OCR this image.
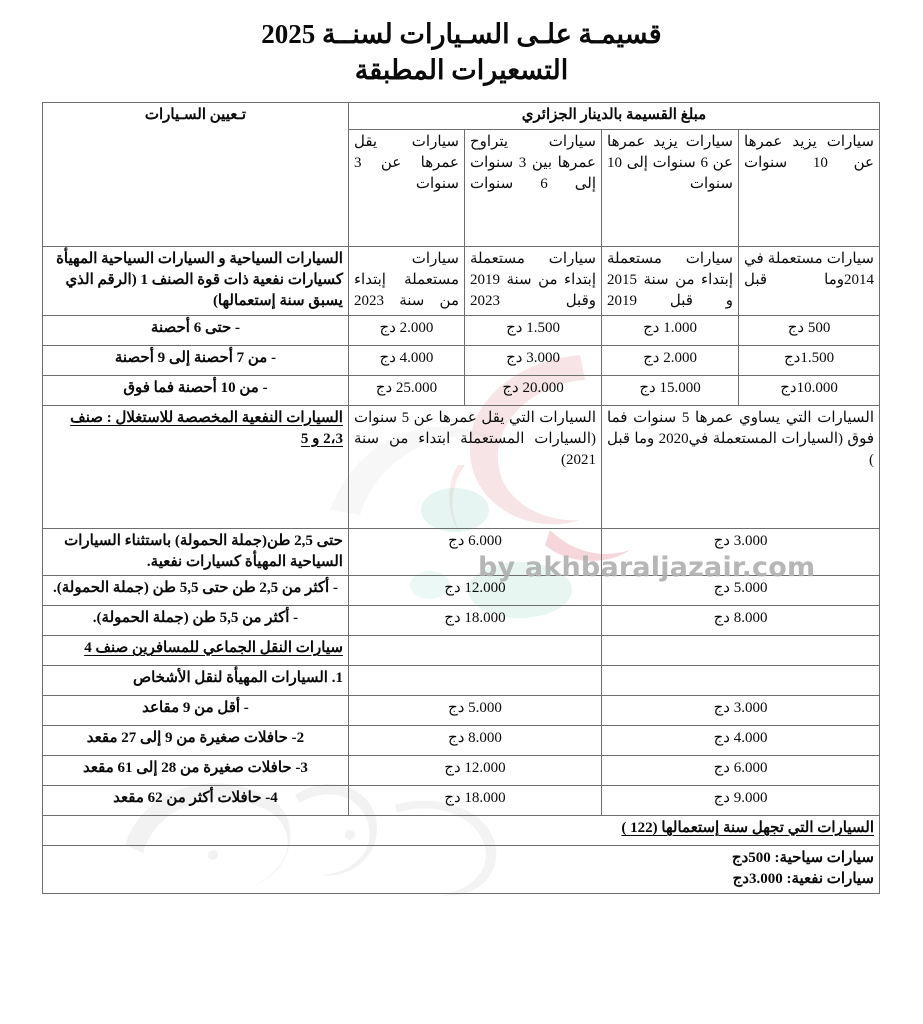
by akhbaraljazair.com
قسيمـة علـى السـيارات لسنــة 2025
التسعيرات المطبقة
مبلغ القسيمة بالدينار الجزائري				تـعيين السـيارات
سيارات يزيد عمرها عن 10 سنوات	سيارات يزيد عمرها عن 6 سنوات إلى 10 سنوات	سيارات يتراوح عمرها بين 3 سنوات إلى 6 سنوات	سيارات يقل عمرها عن 3 سنوات	
سيارات مستعملة في 2014وما قبل	سيارات مستعملة إبتداء من سنة 2015 و قبل 2019	سيارات مستعملة إبتداء من سنة 2019 وقبل 2023	سيارات مستعملة إبتداء من سنة 2023	السيارات السياحية و السيارات السياحية المهيأة كسيارات نفعية ذات قوة الصنف 1 (الرقم الذي يسبق سنة إستعمالها)
500 دج	1.000 دج	1.500 دج	2.000 دج	- حتى 6 أحصنة
1.500دج	2.000 دج	3.000 دج	4.000 دج	- من 7 أحصنة إلى 9 أحصنة
10.000دج	15.000 دج	20.000 دج	25.000 دج	- من 10 أحصنة فما فوق
السيارات التي يساوي عمرها 5 سنوات فما فوق (السيارات المستعملة في2020 وما قبل )		السيارات التي يقل عمرها عن 5 سنوات (السيارات المستعملة ابتداء من سنة 2021)		السيارات النفعية المخصصة للاستغلال : صنف 2،3 و 5
3.000 دج		6.000 دج		حتى 2,5 طن(جملة الحمولة) باستثناء السيارات السياحية المهيأة كسيارات نفعية.
5.000 دج		12.000 دج		- أكثر من 2,5 طن حتى 5,5 طن (جملة الحمولة).
8.000 دج		18.000 دج		- أكثر من 5,5 طن (جملة الحمولة).
				سيارات النقل الجماعي للمسافرين صنف 4
				1. السيارات المهيأة لنقل الأشخاص
3.000 دج		5.000 دج		- أقل من 9 مقاعد
4.000 دج		8.000 دج		2- حافلات صغيرة من 9 إلى 27 مقعد
6.000 دج		12.000 دج		3- حافلات صغيرة من 28 إلى 61 مقعد
9.000 دج		18.000 دج		4- حافلات أكثر من 62 مقعد
السيارات التي تجهل سنة إستعمالها (122 )				

سيارات سياحية: 500دج
سيارات نفعية: 3.000دج				
